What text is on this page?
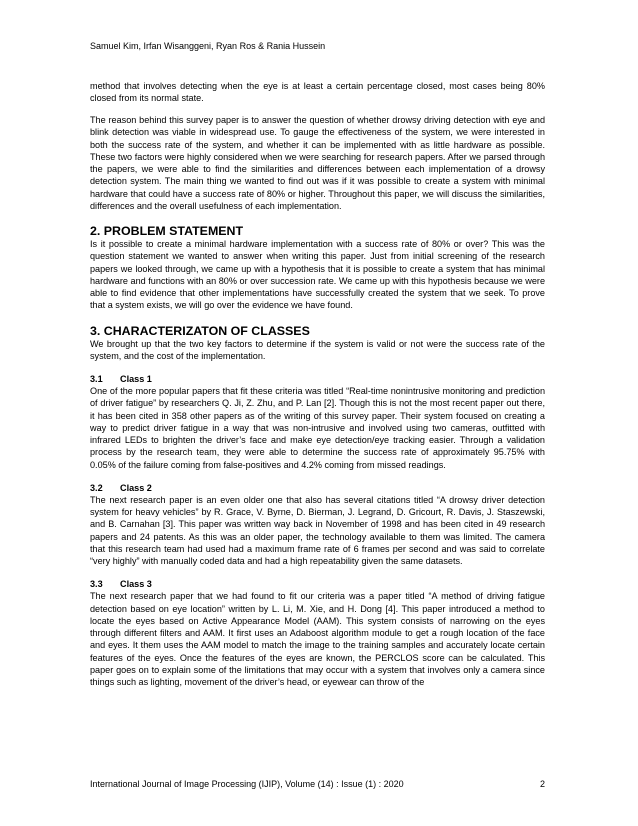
Samuel Kim, Irfan Wisanggeni, Ryan Ros & Rania Hussein

method that involves detecting when the eye is at least a certain percentage closed, most cases being 80% closed from its normal state.

The reason behind this survey paper is to answer the question of whether drowsy driving detection with eye and blink detection was viable in widespread use. To gauge the effectiveness of the system, we were interested in both the success rate of the system, and whether it can be implemented with as little hardware as possible. These two factors were highly considered when we were searching for research papers. After we parsed through the papers, we were able to find the similarities and differences between each implementation of a drowsy detection system. The main thing we wanted to find out was if it was possible to create a system with minimal hardware that could have a success rate of 80% or higher. Throughout this paper, we will discuss the similarities, differences and the overall usefulness of each implementation.

2. PROBLEM STATEMENT

Is it possible to create a minimal hardware implementation with a success rate of 80% or over? This was the question statement we wanted to answer when writing this paper. Just from initial screening of the research papers we looked through, we came up with a hypothesis that it is possible to create a system that has minimal hardware and functions with an 80% or over succession rate. We came up with this hypothesis because we were able to find evidence that other implementations have successfully created the system that we seek. To prove that a system exists, we will go over the evidence we have found.

3. CHARACTERIZATON OF CLASSES

We brought up that the two key factors to determine if the system is valid or not were the success rate of the system, and the cost of the implementation.

3.1 Class 1

One of the more popular papers that fit these criteria was titled “Real-time nonintrusive monitoring and prediction of driver fatigue” by researchers Q. Ji, Z. Zhu, and P. Lan [2]. Though this is not the most recent paper out there, it has been cited in 358 other papers as of the writing of this survey paper. Their system focused on creating a way to predict driver fatigue in a way that was non-intrusive and involved using two cameras, outfitted with infrared LEDs to brighten the driver’s face and make eye detection/eye tracking easier. Through a validation process by the research team, they were able to determine the success rate of approximately 95.75% with 0.05% of the failure coming from false-positives and 4.2% coming from missed readings.

3.2 Class 2

The next research paper is an even older one that also has several citations titled “A drowsy driver detection system for heavy vehicles” by R. Grace, V. Byrne, D. Bierman, J. Legrand, D. Gricourt, R. Davis, J. Staszewski, and B. Carnahan [3]. This paper was written way back in November of 1998 and has been cited in 49 research papers and 24 patents. As this was an older paper, the technology available to them was limited. The camera that this research team had used had a maximum frame rate of 6 frames per second and was said to correlate “very highly” with manually coded data and had a high repeatability given the same datasets.

3.3 Class 3

The next research paper that we had found to fit our criteria was a paper titled “A method of driving fatigue detection based on eye location” written by L. Li, M. Xie, and H. Dong [4]. This paper introduced a method to locate the eyes based on Active Appearance Model (AAM). This system consists of narrowing on the eyes through different filters and AAM. It first uses an Adaboost algorithm module to get a rough location of the face and eyes. It them uses the AAM model to match the image to the training samples and accurately locate certain features of the eyes. Once the features of the eyes are known, the PERCLOS score can be calculated. This paper goes on to explain some of the limitations that may occur with a system that involves only a camera since things such as lighting, movement of the driver’s head, or eyewear can throw of the

International Journal of Image Processing (IJIP), Volume (14) : Issue (1) : 2020	2
